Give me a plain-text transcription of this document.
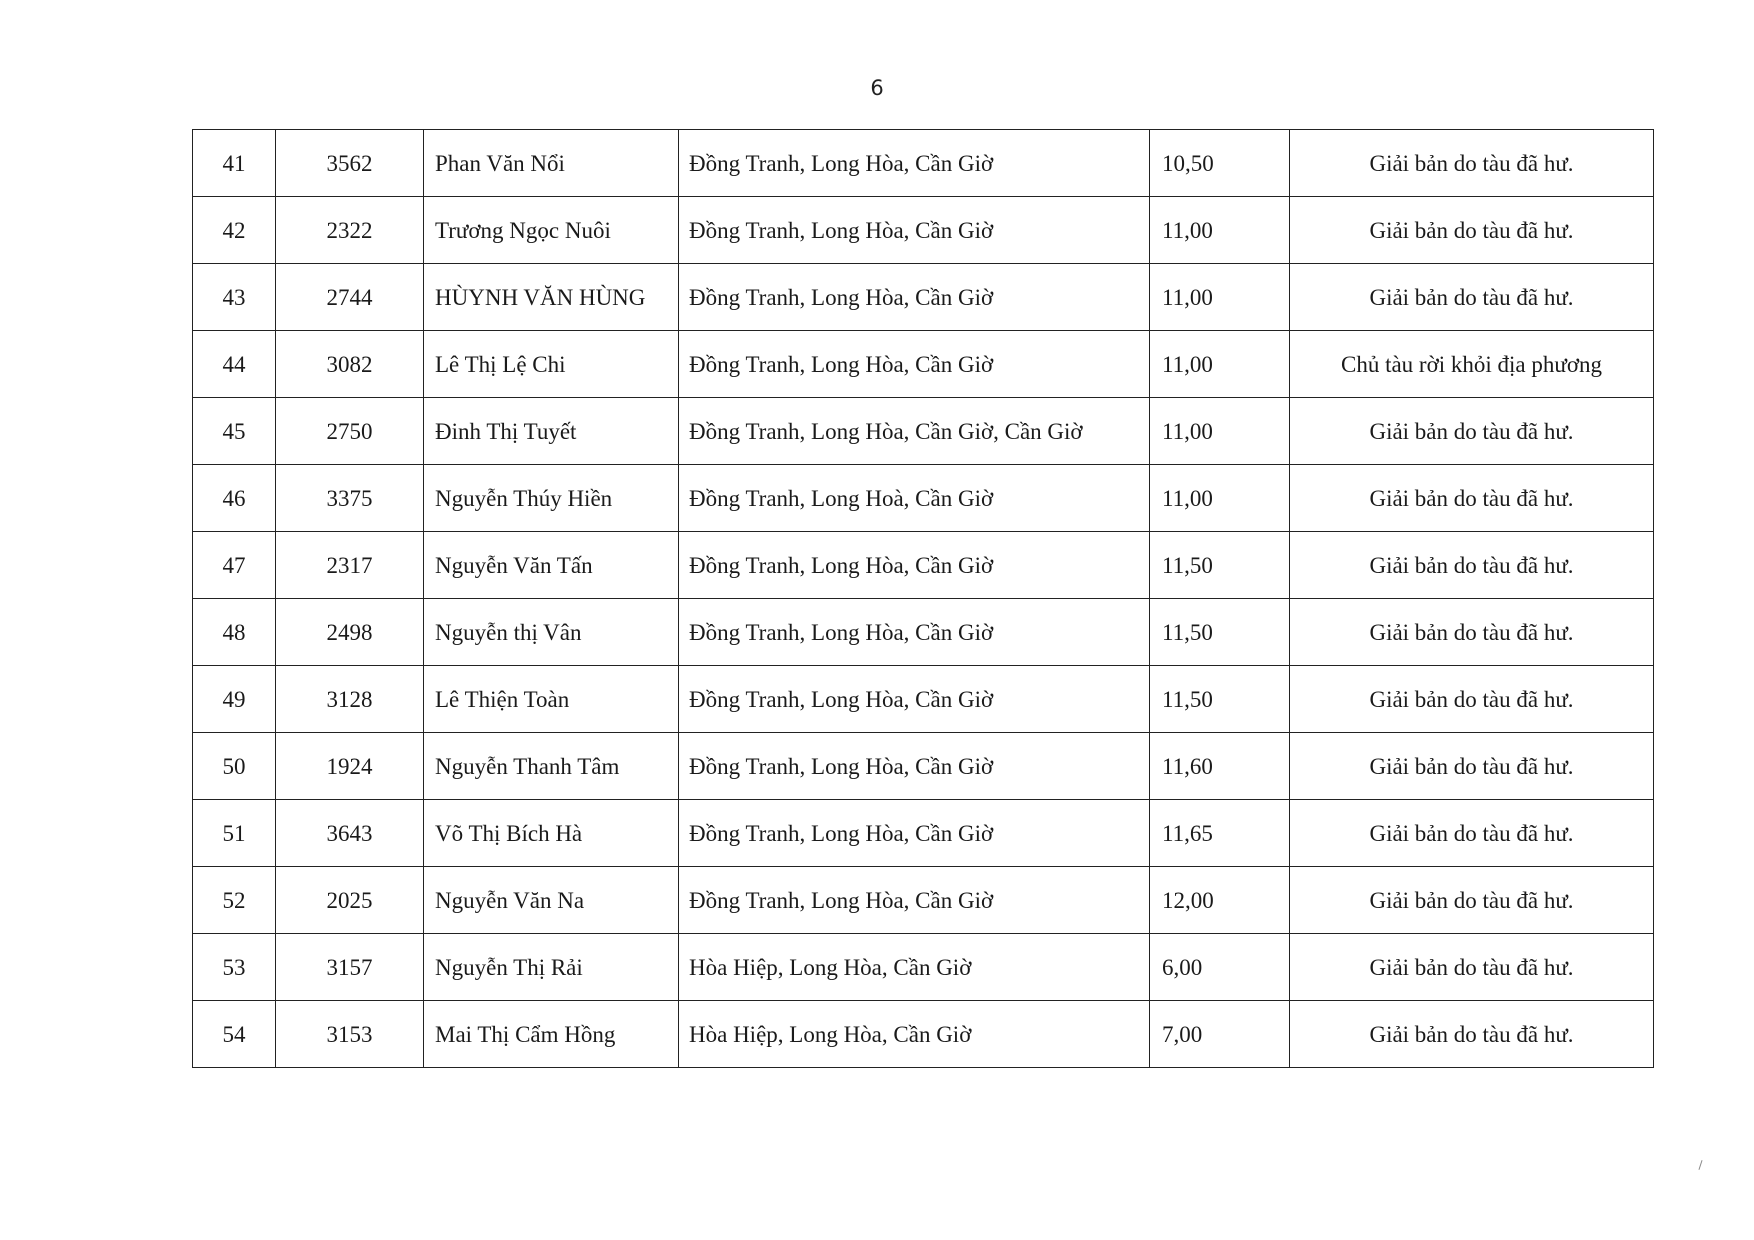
6
41	3562	Phan Văn Nổi	Đồng Tranh, Long Hòa, Cần Giờ	10,50	Giải bản do tàu đã hư.
42	2322	Trương Ngọc Nuôi	Đồng Tranh, Long Hòa, Cần Giờ	11,00	Giải bản do tàu đã hư.
43	2744	HÙYNH VĂN HÙNG	Đồng Tranh, Long Hòa, Cần Giờ	11,00	Giải bản do tàu đã hư.
44	3082	Lê Thị Lệ Chi	Đồng Tranh, Long Hòa, Cần Giờ	11,00	Chủ tàu rời khỏi địa phương
45	2750	Đinh Thị Tuyết	Đồng Tranh, Long Hòa, Cần Giờ, Cần Giờ	11,00	Giải bản do tàu đã hư.
46	3375	Nguyễn Thúy Hiền	Đồng Tranh, Long Hoà, Cần Giờ	11,00	Giải bản do tàu đã hư.
47	2317	Nguyễn Văn Tấn	Đồng Tranh, Long Hòa, Cần Giờ	11,50	Giải bản do tàu đã hư.
48	2498	Nguyễn thị Vân	Đồng Tranh, Long Hòa, Cần Giờ	11,50	Giải bản do tàu đã hư.
49	3128	Lê Thiện Toàn	Đồng Tranh, Long Hòa, Cần Giờ	11,50	Giải bản do tàu đã hư.
50	1924	Nguyễn Thanh Tâm	Đồng Tranh, Long Hòa, Cần Giờ	11,60	Giải bản do tàu đã hư.
51	3643	Võ Thị Bích Hà	Đồng Tranh, Long Hòa, Cần Giờ	11,65	Giải bản do tàu đã hư.
52	2025	Nguyễn Văn Na	Đồng Tranh, Long Hòa, Cần Giờ	12,00	Giải bản do tàu đã hư.
53	3157	Nguyễn Thị Rải	Hòa Hiệp, Long Hòa, Cần Giờ	6,00	Giải bản do tàu đã hư.
54	3153	Mai Thị Cẩm Hồng	Hòa Hiệp, Long Hòa, Cần Giờ	7,00	Giải bản do tàu đã hư.
